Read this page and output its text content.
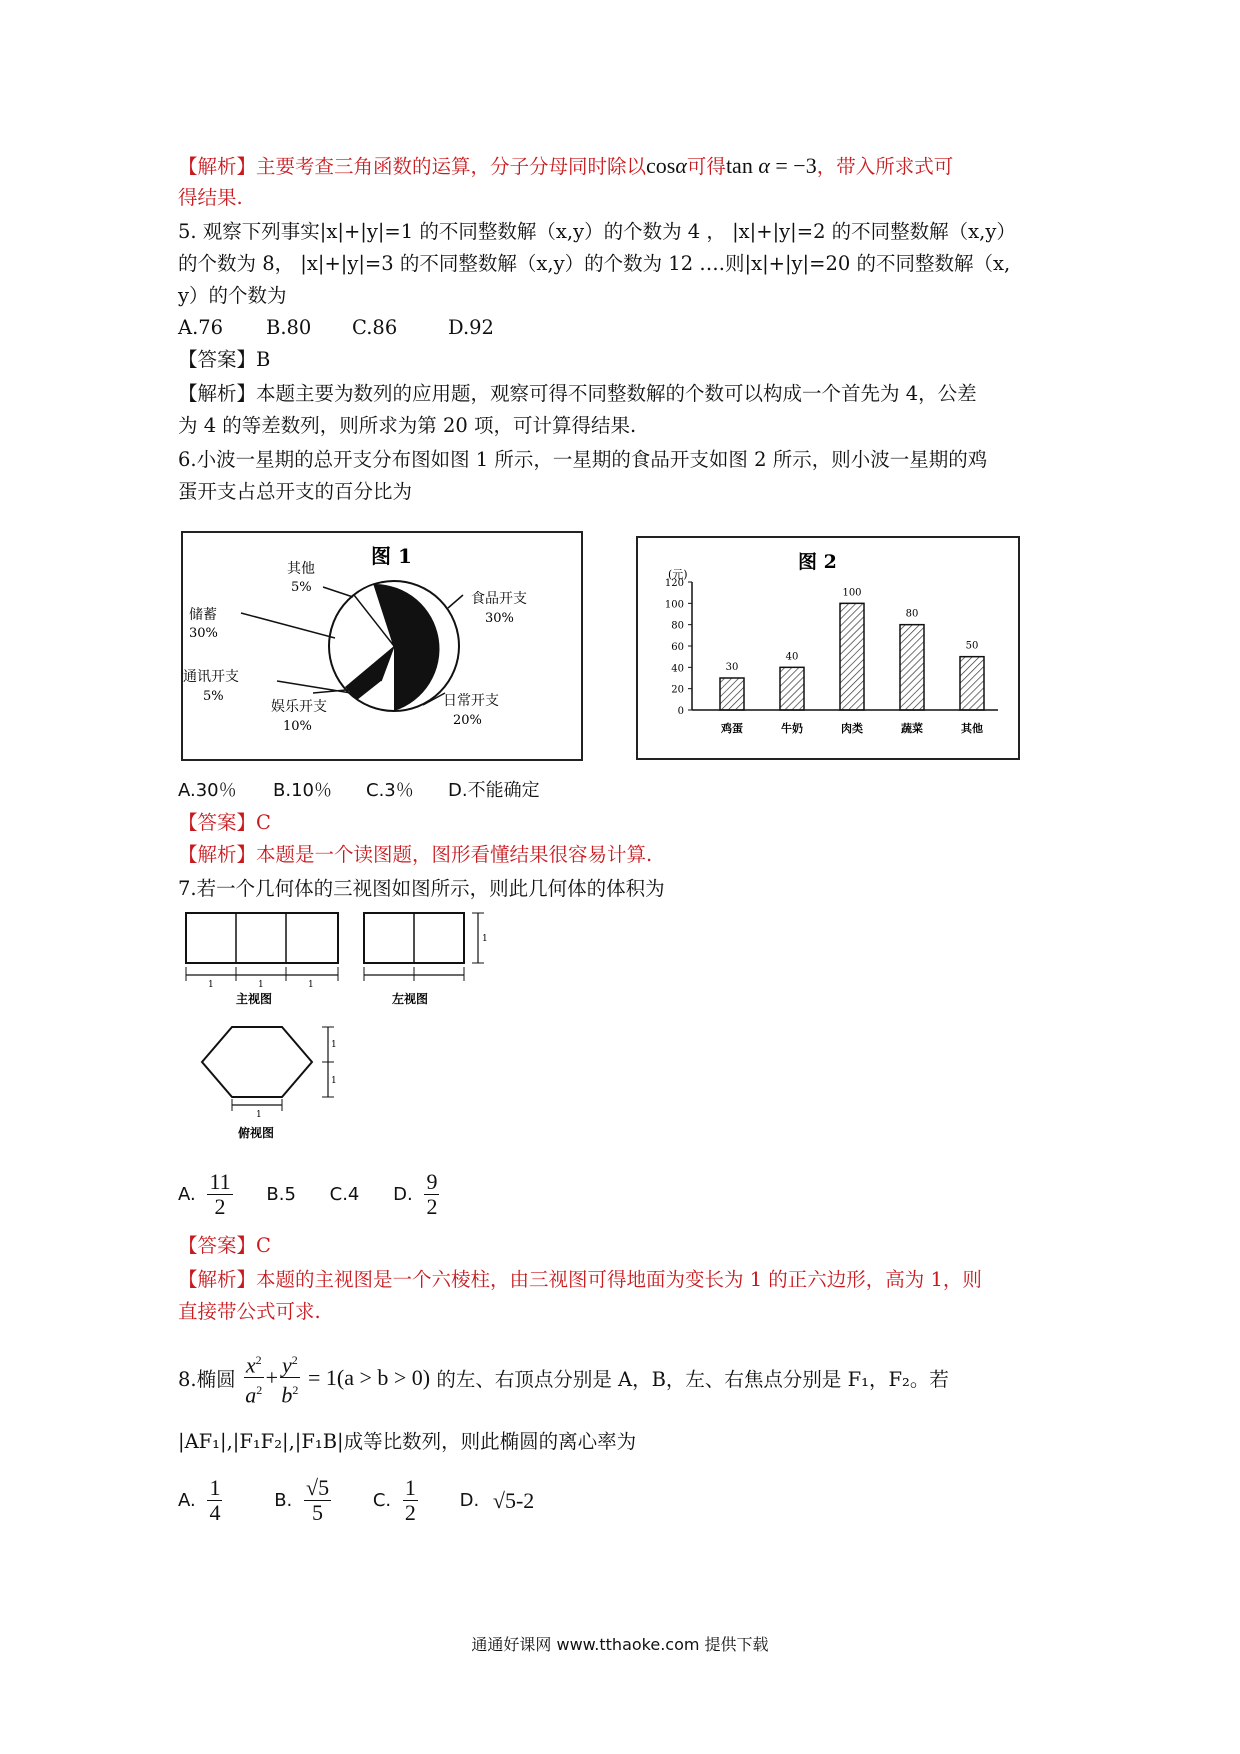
【解析】主要考查三角函数的运算，分子分母同时除以cosα可得tan α = −3，带入所求式可
得结果.
5. 观察下列事实|x|+|y|=1 的不同整数解（x,y）的个数为 4 ， |x|+|y|=2 的不同整数解（x,y）
的个数为 8， |x|+|y|=3 的不同整数解（x,y）的个数为 12 ….则|x|+|y|=20 的不同整数解（x,
y）的个数为
A.76 B.80 C.86	D.92
【答案】B
【解析】本题主要为数列的应用题，观察可得不同整数解的个数可以构成一个首先为 4，公差
为 4 的等差数列，则所求为第 20 项，可计算得结果.
6.小波一星期的总开支分布图如图 1 所示，一星期的食品开支如图 2 所示，则小波一星期的鸡
蛋开支占总开支的百分比为
图 1
其他
5%
储蓄
30%
食品开支
30%
通讯开支
5%
娱乐开支
10%
日常开支
20%
图 2
(元)
0
20
40
60
80
100
120
30
鸡蛋
40
牛奶
100
肉类
80
蔬菜
50
其他
A.30％ B.10％ C.3％ D.不能确定
【答案】C
【解析】本题是一个读图题，图形看懂结果很容易计算.
7.若一个几何体的三视图如图所示，则此几何体的体积为
1	1	1
主视图
1
左视图
1
1
1
俯视图
A. $\frac{11}{2} B.5$ C.4 D. $\frac{9}{2}$
【答案】C
【解析】本题的主视图是一个六棱柱，由三视图可得地面为变长为 1 的正六边形，高为 1，则
直接带公式可求.
8.椭圆 $\frac{x^2}{a^2} + \frac{y^2}{b^2} = 1(a > b > 0)$ 的左、右顶点分别是 A，B，左、右焦点分别是 F₁，F₂。若
|AF₁|,|F₁F₂|,|F₁B|成等比数列，则此椭圆的离心率为
A. $\frac{1}{4}$	B. $\frac{√5}{5} C$. $\frac{1}{2} D$. √5-2
通通好课网 www.tthaoke.com 提供下载
